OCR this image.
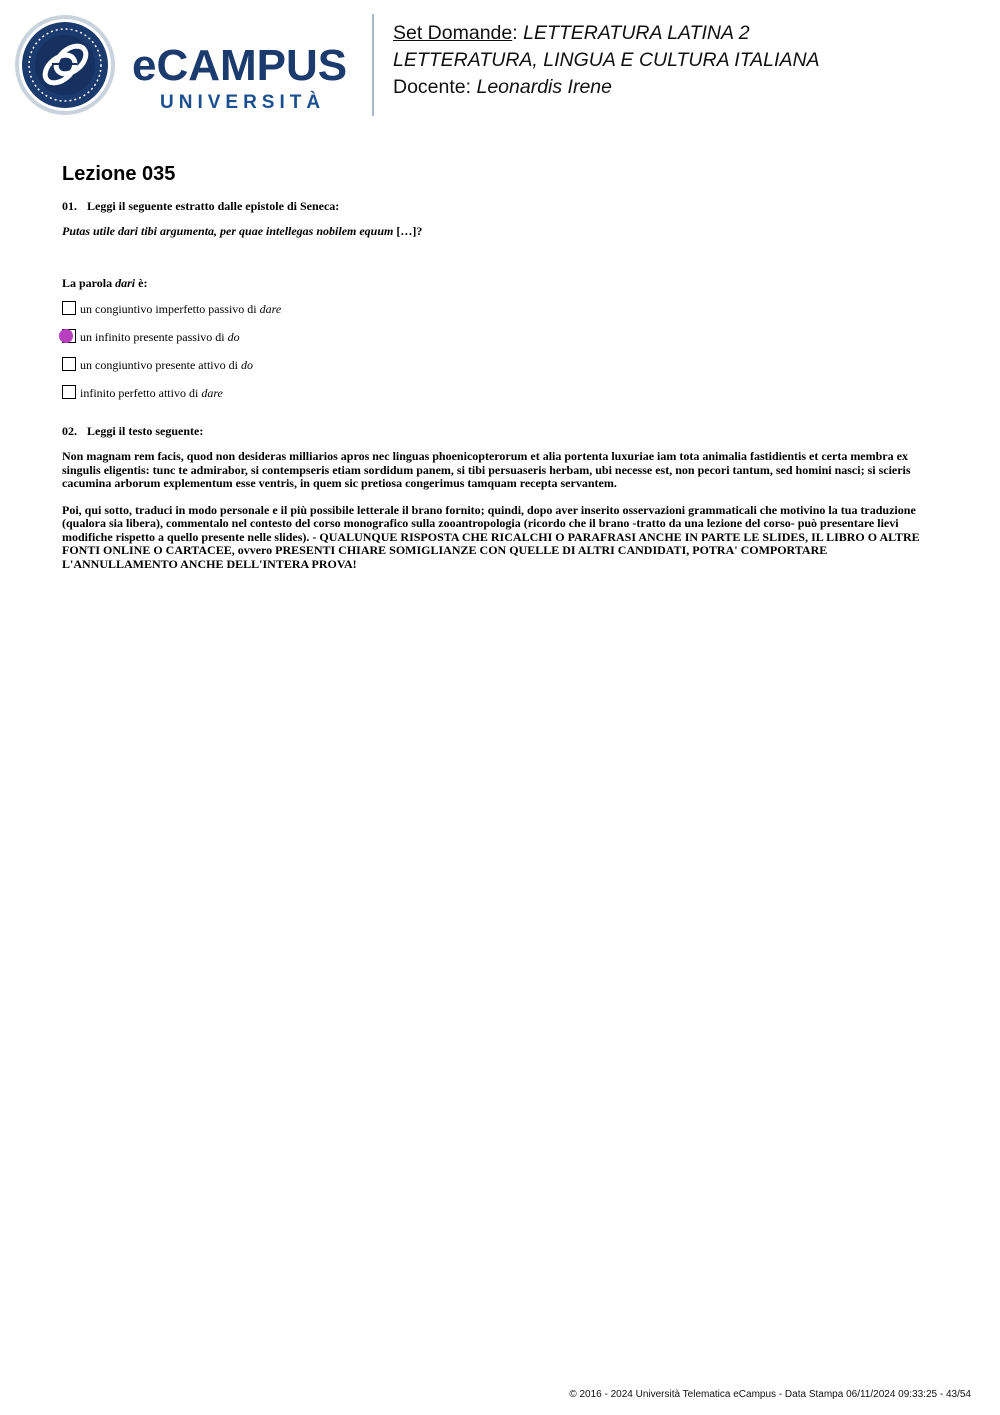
eCAMPUS
UNIVERSITÀ
Set Domande: LETTERATURA LATINA 2
LETTERATURA, LINGUA E CULTURA ITALIANA
Docente: Leonardis Irene
Lezione 035

01. Leggi il seguente estratto dalle epistole di Seneca:

Putas utile dari tibi argumenta, per quae intellegas nobilem equum […]?
La parola dari è:
un congiuntivo imperfetto passivo di dare
un infinito presente passivo di do
un congiuntivo presente attivo di do
infinito perfetto attivo di dare

02. Leggi il testo seguente:

Non magnam rem facis, quod non desideras milliarios apros nec linguas phoenicopterorum et alia portenta luxuriae iam tota animalia fastidientis et certa membra ex singulis eligentis: tunc te admirabor, si contempseris etiam sordidum panem, si tibi persuaseris herbam, ubi necesse est, non pecori tantum, sed homini nasci; si scieris cacumina arborum explementum esse ventris, in quem sic pretiosa congerimus tamquam recepta servantem.
Poi, qui sotto, traduci in modo personale e il più possibile letterale il brano fornito; quindi, dopo aver inserito osservazioni grammaticali che motivino la tua traduzione (qualora sia libera), commentalo nel contesto del corso monografico sulla zooantropologia (ricordo che il brano -tratto da una lezione del corso- può presentare lievi modifiche rispetto a quello presente nelle slides). - QUALUNQUE RISPOSTA CHE RICALCHI O PARAFRASI ANCHE IN PARTE LE SLIDES, IL LIBRO O ALTRE FONTI ONLINE O CARTACEE, ovvero PRESENTI CHIARE SOMIGLIANZE CON QUELLE DI ALTRI CANDIDATI, POTRA' COMPORTARE L'ANNULLAMENTO ANCHE DELL'INTERA PROVA!
© 2016 - 2024 Università Telematica eCampus - Data Stampa 06/11/2024 09:33:25 - 43/54
